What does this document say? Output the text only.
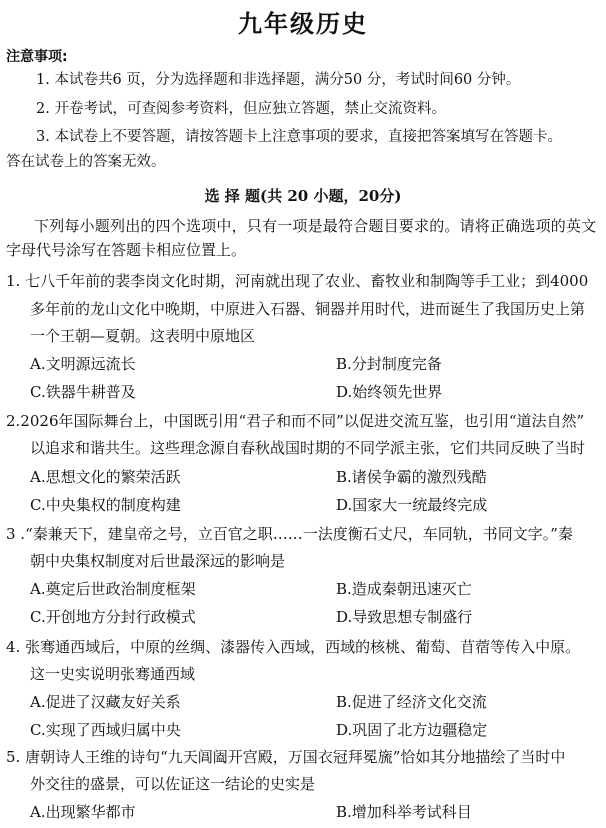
九年级历史
注意事项:
1. 本试卷共6 页，分为选择题和非选择题，满分50 分，考试时间60 分钟。
2. 开卷考试，可查阅参考资料，但应独立答题，禁止交流资料。
3. 本试卷上不要答题，请按答题卡上注意事项的要求，直接把答案填写在答题卡。
答在试卷上的答案无效。
选 择 题(共 20 小题，20分)
下列每小题列出的四个选项中，只有一项是最符合题目要求的。请将正确选项的英文
字母代号涂写在答题卡相应位置上。
1. 七八千年前的裴李岗文化时期，河南就出现了农业、畜牧业和制陶等手工业；到4000
多年前的龙山文化中晚期，中原进入石器、铜器并用时代，进而诞生了我国历史上第
一个王朝—夏朝。这表明中原地区
A.文明源远流长	B.分封制度完备
C.铁器牛耕普及	D.始终领先世界
2.2026年国际舞台上，中国既引用“君子和而不同”以促进交流互鉴，也引用“道法自然”
以追求和谐共生。这些理念源自春秋战国时期的不同学派主张，它们共同反映了当时
A.思想文化的繁荣活跃	B.诸侯争霸的激烈残酷
C.中央集权的制度构建	D.国家大一统最终完成
3 .“秦兼天下，建皇帝之号，立百官之职……一法度衡石丈尺，车同轨，书同文字。”秦
朝中央集权制度对后世最深远的影响是
A.奠定后世政治制度框架	B.造成秦朝迅速灭亡
C.开创地方分封行政模式	D.导致思想专制盛行
4. 张骞通西域后，中原的丝绸、漆器传入西域，西域的核桃、葡萄、苜蓿等传入中原。
这一史实说明张骞通西域
A.促进了汉藏友好关系	B.促进了经济文化交流
C.实现了西域归属中央	D.巩固了北方边疆稳定
5. 唐朝诗人王维的诗句“九天阊阖开宫殿，万国衣冠拜冕旒”恰如其分地描绘了当时中
外交往的盛景，可以佐证这一结论的史实是
A.出现繁华都市	B.增加科举考试科目
